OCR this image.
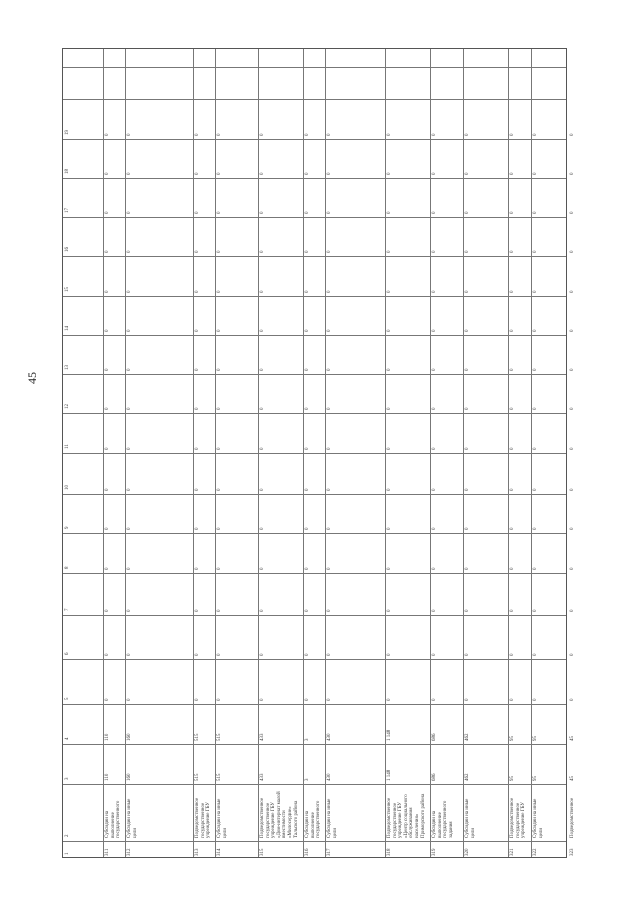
45
1
2
3
4
5
6
7
8
9
10
11
12
13
14
15
16
17
18
19
311
Субсидии на выполнение государственного
110
110
0
0
0
0
0
0
0
0
0
0
0
0
0
0
0
312
Субсидии на иные цели
160
160
0
0
0
0
0
0
0
0
0
0
0
0
0
0
0
313
Подведомственное государственное учреждение ГБУ
515
515
0
0
0
0
0
0
0
0
0
0
0
0
0
0
0
314
Субсидии на иные цели
515
515
0
0
0
0
0
0
0
0
0
0
0
0
0
0
0
315
Подведомственное государственное учреждение ГБУ «Дом-интернат малой вместимости «Милосердие» Тальского района
433
433
0
0
0
0
0
0
0
0
0
0
0
0
0
0
0
316
Субсидии на выполнение государственного
3
3
0
0
0
0
0
0
0
0
0
0
0
0
0
0
0
317
Субсидии на иные цели
430
430
0
0
0
0
0
0
0
0
0
0
0
0
0
0
0
318
Подведомственное государственное учреждение ГБУ «Центр социального обслуживания населения» Приморского района
1 148
1 148
0
0
0
0
0
0
0
0
0
0
0
0
0
0
0
319
Субсидии на выполнение государственного задания
686
686
0
0
0
0
0
0
0
0
0
0
0
0
0
0
0
320
Субсидии на иные цели
462
462
0
0
0
0
0
0
0
0
0
0
0
0
0
0
0
321
Подведомственное государственное учреждение ГБУ
95
95
0
0
0
0
0
0
0
0
0
0
0
0
0
0
0
322
Субсидии на иные цели
95
95
0
0
0
0
0
0
0
0
0
0
0
0
0
0
0
323
Подведомственное
45
45
0
0
0
0
0
0
0
0
0
0
0
0
0
0
0
